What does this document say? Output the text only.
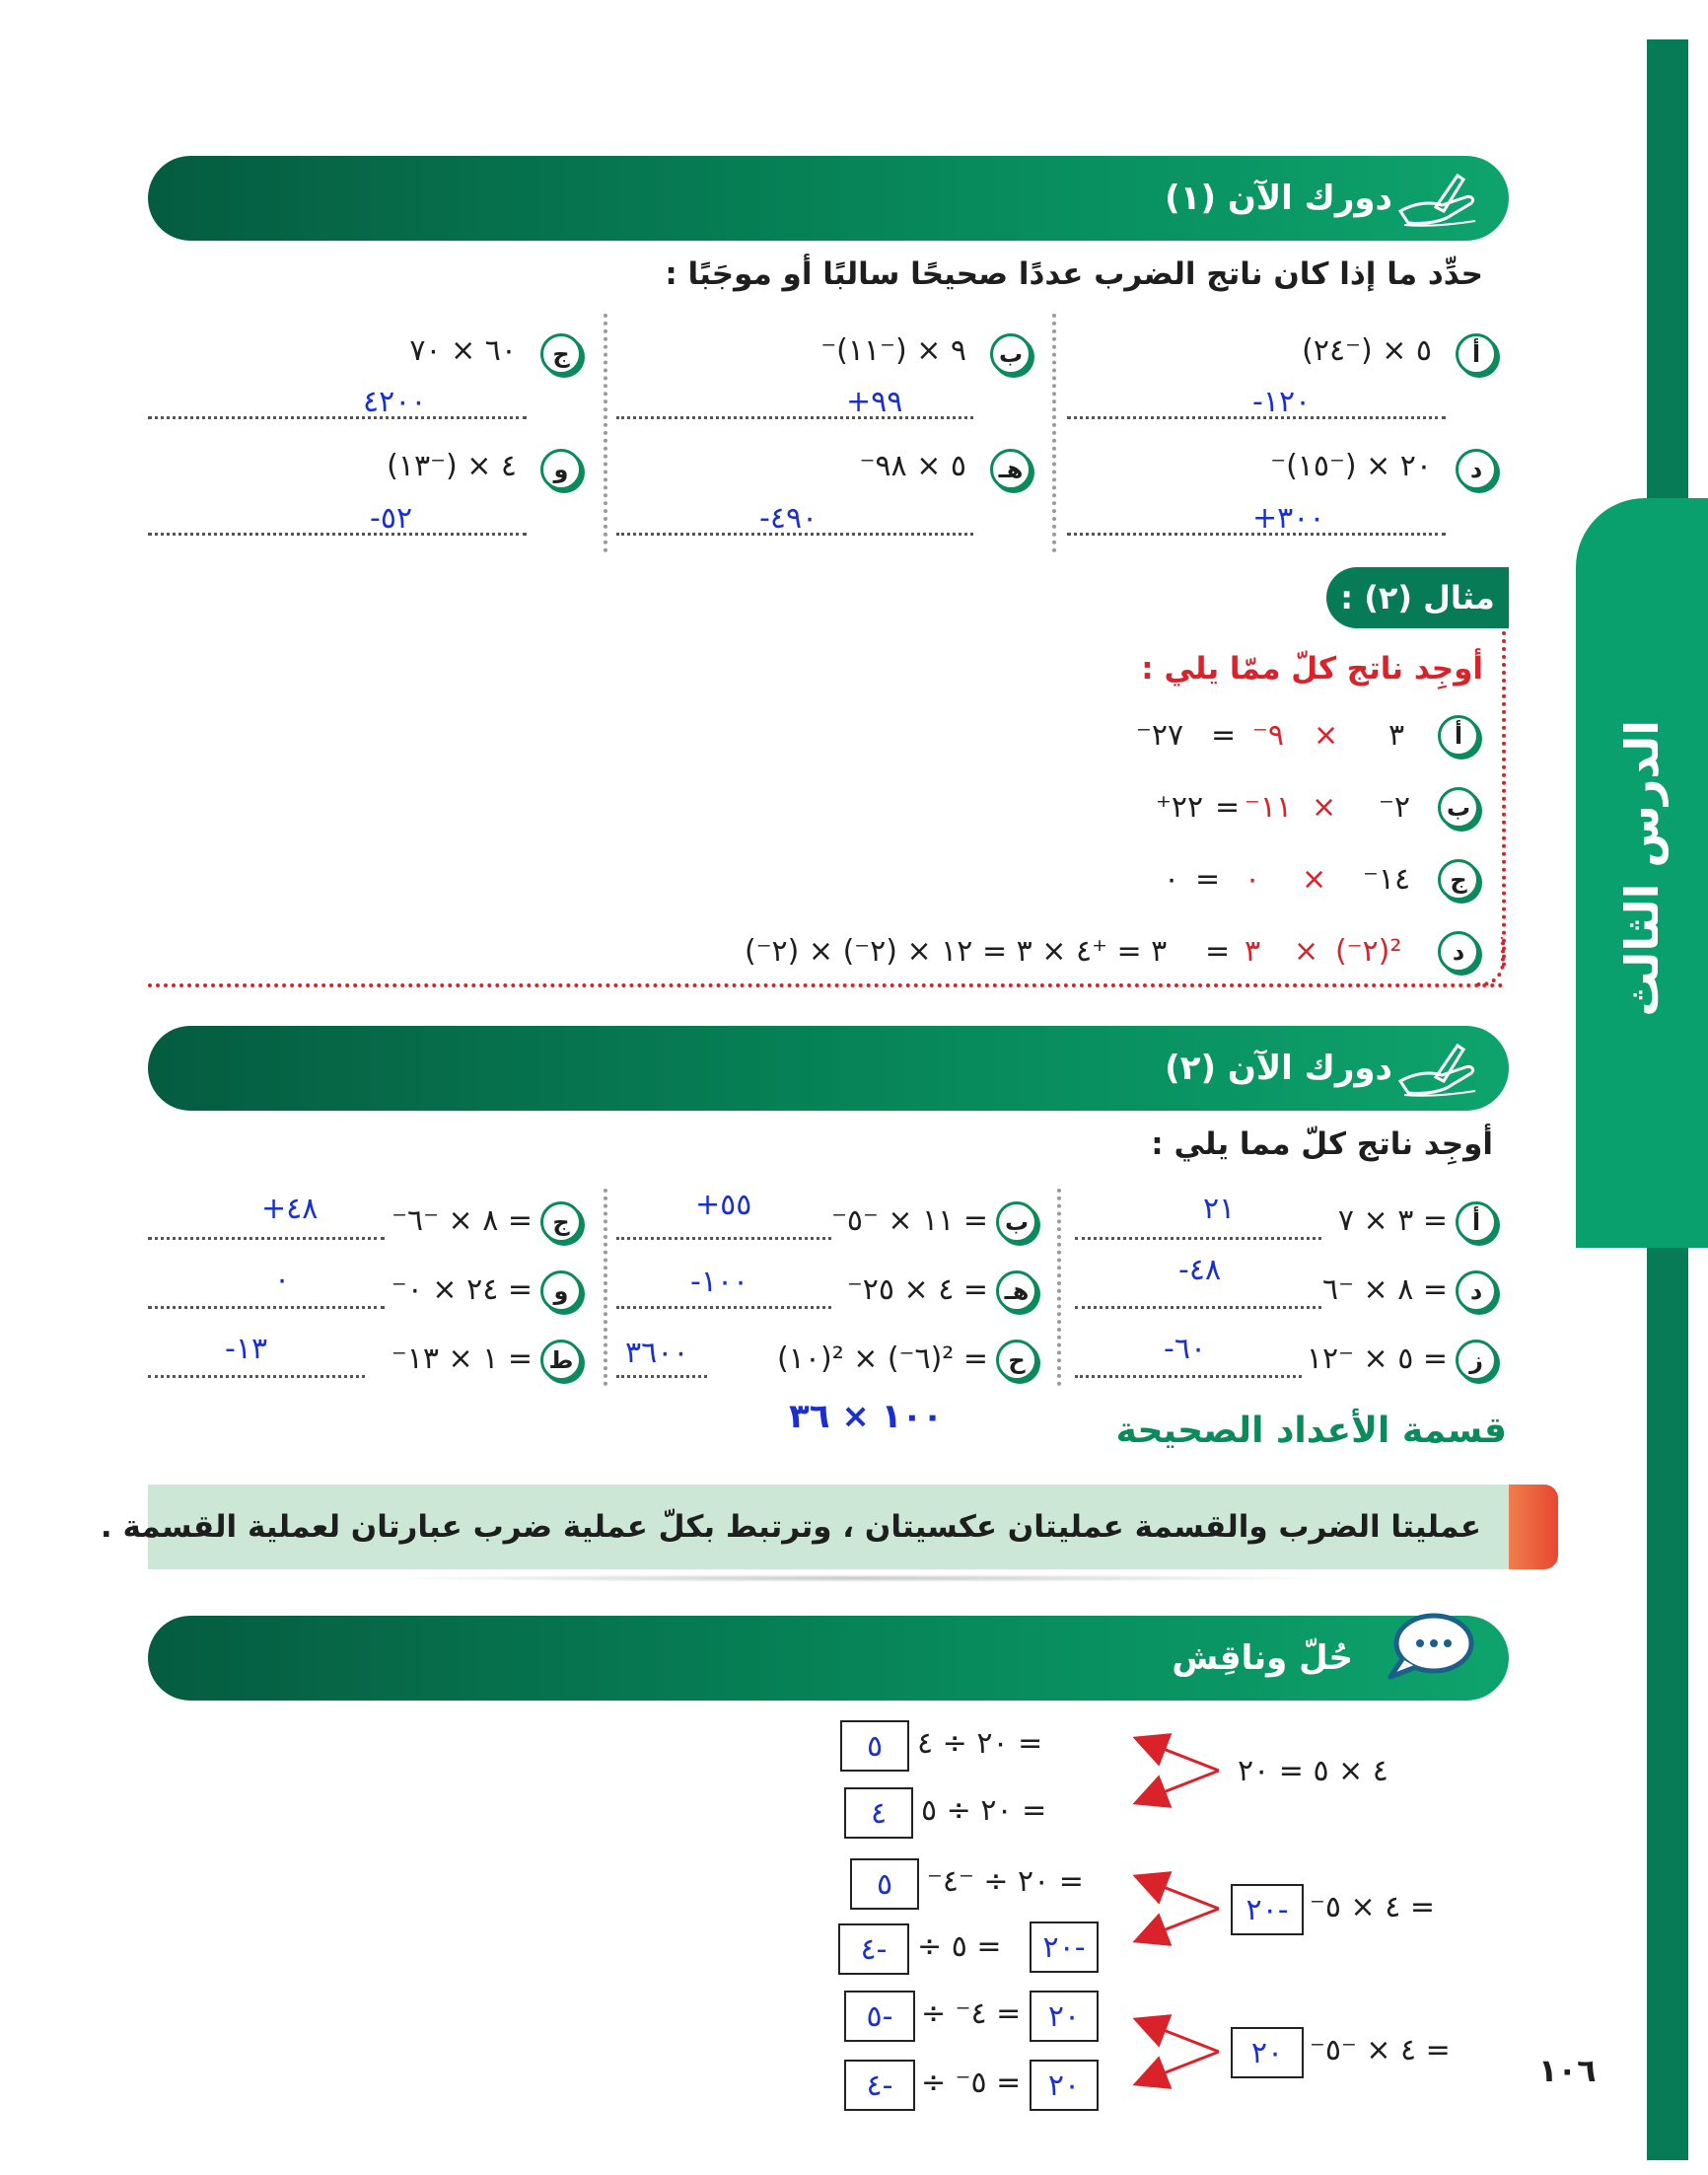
الدرس الثالث
دورك الآن (١)
حدِّد ما إذا كان ناتج الضرب عددًا صحيحًا سالبًا أو موجَبًا :
أ
٥ × (⁻٢٤)
-١٢٠
ب
⁻٩ × (⁻١١)
+٩٩
ج
٦٠ × ٧٠
٤٢٠٠
د
⁻٢٠ × (⁻١٥)
+٣٠٠
هـ
⁻٥ × ٩٨
-٤٩٠
و
٤ × (⁻١٣)
-٥٢
مثال (٢) :
أوجِد ناتج كلّ ممّا يلي :
أ
٣
×
⁻٩
=
⁻٢٧
ب
⁻٢
×
⁻١١
=
⁺٢٢
ج
⁻١٤
×
٠
=
٠
د
(⁻٢)²
×
٣
=
(⁻٢) × (⁻٢) × ٣ = ⁺٤ × ٣ = ١٢
دورك الآن (٢)
أوجِد ناتج كلّ مما يلي :
أ
٣ × ٧ =
٢١
ب
⁻١١ × ⁻٥ =
+٥٥
ج
⁻٨ × ⁻٦ =
+٤٨
د
٨ × ⁻٦ =
-٤٨
هـ
⁻٤ × ٢٥ =
-١٠٠
و
⁻٢٤ × ٠ =
٠
ز
٥ × ⁻١٢ =
-٦٠
ح
(١٠)² × (⁻٦)² =
٣٦٠٠
ط
⁻١ × ١٣ =
-١٣
١٠٠ × ٣٦	قسمة الأعداد الصحيحة
عمليتا الضرب والقسمة عمليتان عكسيتان ، وترتبط بكلّ عملية ضرب عبارتان لعملية القسمة .
حُلّ وناقِش
٤ × ٥ = ٢٠
٢٠ ÷ ٤ =
٥
٢٠ ÷ ٥ =
٤
-٢٠ ⁻٤ × ٥ =
⁻٢٠ ÷ ⁻٤ =
٥
-٢٠
÷ ٥ =
-٤
٢٠ ⁻٤ × ⁻٥ =
٢٠
÷ ⁻٤ =
-٥
٢٠
÷ ⁻٥ =
-٤	١٠٦
